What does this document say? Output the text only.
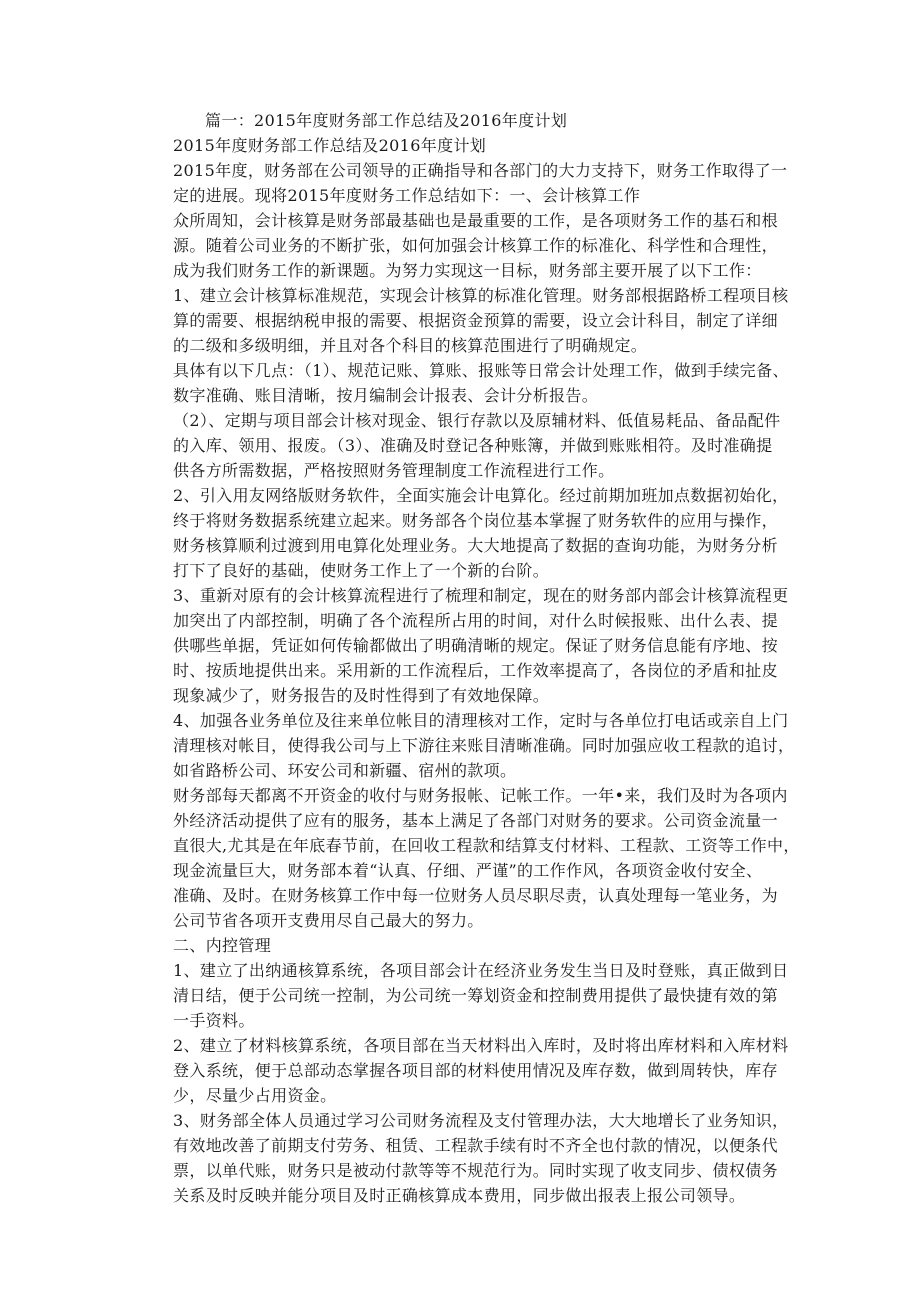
篇一：2015年度财务部工作总结及2016年度计划
2015年度财务部工作总结及2016年度计划
2015年度，财务部在公司领导的正确指导和各部门的大力支持下，财务工作取得了一
定的进展。现将2015年度财务工作总结如下：一、会计核算工作
众所周知，会计核算是财务部最基础也是最重要的工作，是各项财务工作的基石和根
源。随着公司业务的不断扩张，如何加强会计核算工作的标准化、科学性和合理性，
成为我们财务工作的新课题。为努力实现这一目标，财务部主要开展了以下工作：
1、建立会计核算标准规范，实现会计核算的标准化管理。财务部根据路桥工程项目核
算的需要、根据纳税申报的需要、根据资金预算的需要，设立会计科目，制定了详细
的二级和多级明细，并且对各个科目的核算范围进行了明确规定。
具体有以下几点：（1）、规范记账、算账、报账等日常会计处理工作，做到手续完备、
数字准确、账目清晰，按月编制会计报表、会计分析报告。
（2）、定期与项目部会计核对现金、银行存款以及原辅材料、低值易耗品、备品配件
的入库、领用、报废。（3）、准确及时登记各种账簿，并做到账账相符。及时准确提
供各方所需数据，严格按照财务管理制度工作流程进行工作。
2、引入用友网络版财务软件，全面实施会计电算化。经过前期加班加点数据初始化，
终于将财务数据系统建立起来。财务部各个岗位基本掌握了财务软件的应用与操作，
财务核算顺利过渡到用电算化处理业务。大大地提高了数据的查询功能，为财务分析
打下了良好的基础，使财务工作上了一个新的台阶。
3、重新对原有的会计核算流程进行了梳理和制定，现在的财务部内部会计核算流程更
加突出了内部控制，明确了各个流程所占用的时间，对什么时候报账、出什么表、提
供哪些单据，凭证如何传输都做出了明确清晰的规定。保证了财务信息能有序地、按
时、按质地提供出来。采用新的工作流程后，工作效率提高了，各岗位的矛盾和扯皮
现象减少了，财务报告的及时性得到了有效地保障。
4、加强各业务单位及往来单位帐目的清理核对工作，定时与各单位打电话或亲自上门
清理核对帐目，使得我公司与上下游往来账目清晰准确。同时加强应收工程款的追讨，
如省路桥公司、环安公司和新疆、宿州的款项。
财务部每天都离不开资金的收付与财务报帐、记帐工作。一年•来，我们及时为各项内
外经济活动提供了应有的服务，基本上满足了各部门对财务的要求。公司资金流量一
直很大,尤其是在年底春节前，在回收工程款和结算支付材料、工程款、工资等工作中，
现金流量巨大，财务部本着“认真、仔细、严谨”的工作作风，各项资金收付安全、
准确、及时。在财务核算工作中每一位财务人员尽职尽责，认真处理每一笔业务，为
公司节省各项开支费用尽自己最大的努力。
二、内控管理
1、建立了出纳通核算系统，各项目部会计在经济业务发生当日及时登账，真正做到日
清日结，便于公司统一控制，为公司统一筹划资金和控制费用提供了最快捷有效的第
一手资料。
2、建立了材料核算系统，各项目部在当天材料出入库时，及时将出库材料和入库材料
登入系统，便于总部动态掌握各项目部的材料使用情况及库存数，做到周转快，库存
少，尽量少占用资金。
3、财务部全体人员通过学习公司财务流程及支付管理办法，大大地增长了业务知识，
有效地改善了前期支付劳务、租赁、工程款手续有时不齐全也付款的情况，以便条代
票，以单代账，财务只是被动付款等等不规范行为。同时实现了收支同步、债权债务
关系及时反映并能分项目及时正确核算成本费用，同步做出报表上报公司领导。
